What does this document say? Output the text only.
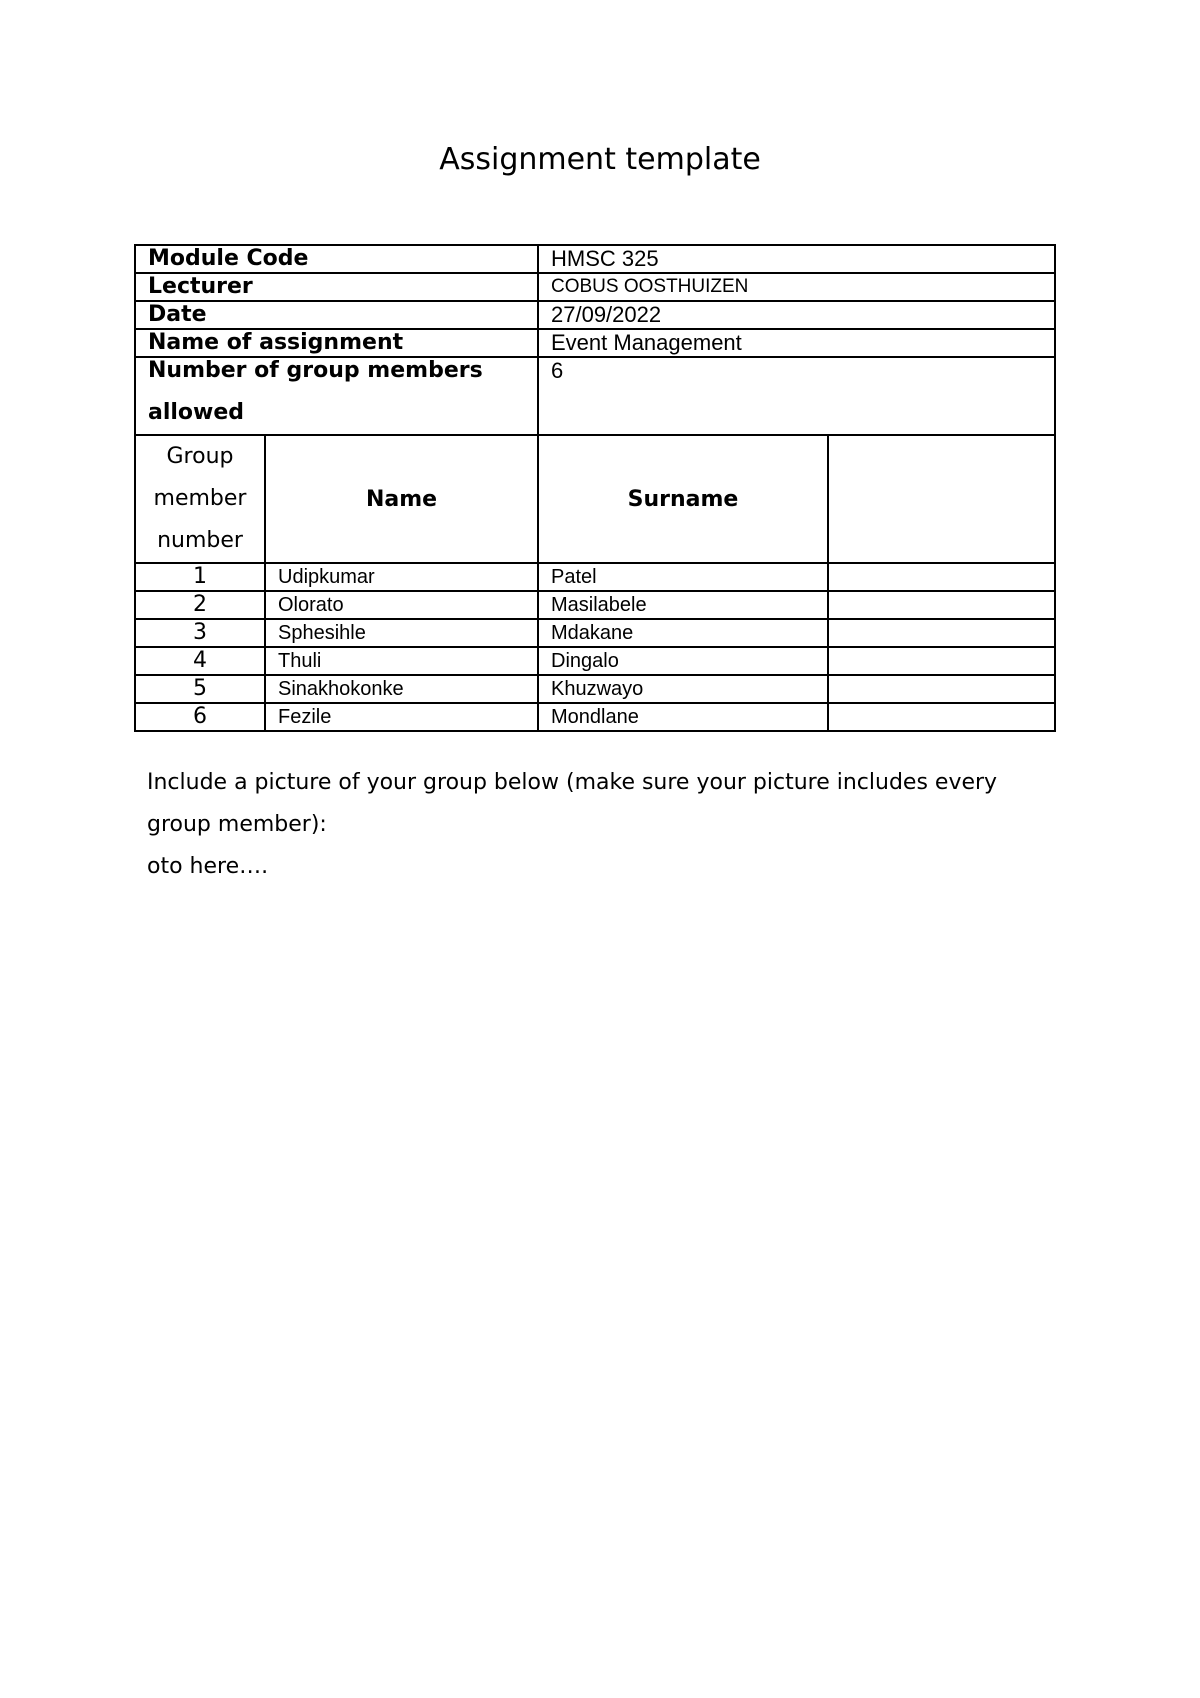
Assignment template
Module Code		HMSC 325	

Lecturer		COBUS OOSTHUIZEN	

Date		27/09/2022	

Name of assignment		Event Management	

Number of group members allowed		6	

Group member number	Name	Surname	

1	Udipkumar	Patel	

2	Olorato	Masilabele	

3	Sphesihle	Mdakane	

4	Thuli	Dingalo	

5	Sinakhokonke	Khuzwayo	

6	Fezile	Mondlane	

Include a picture of your group below (make sure your picture includes every group member):

oto here….
